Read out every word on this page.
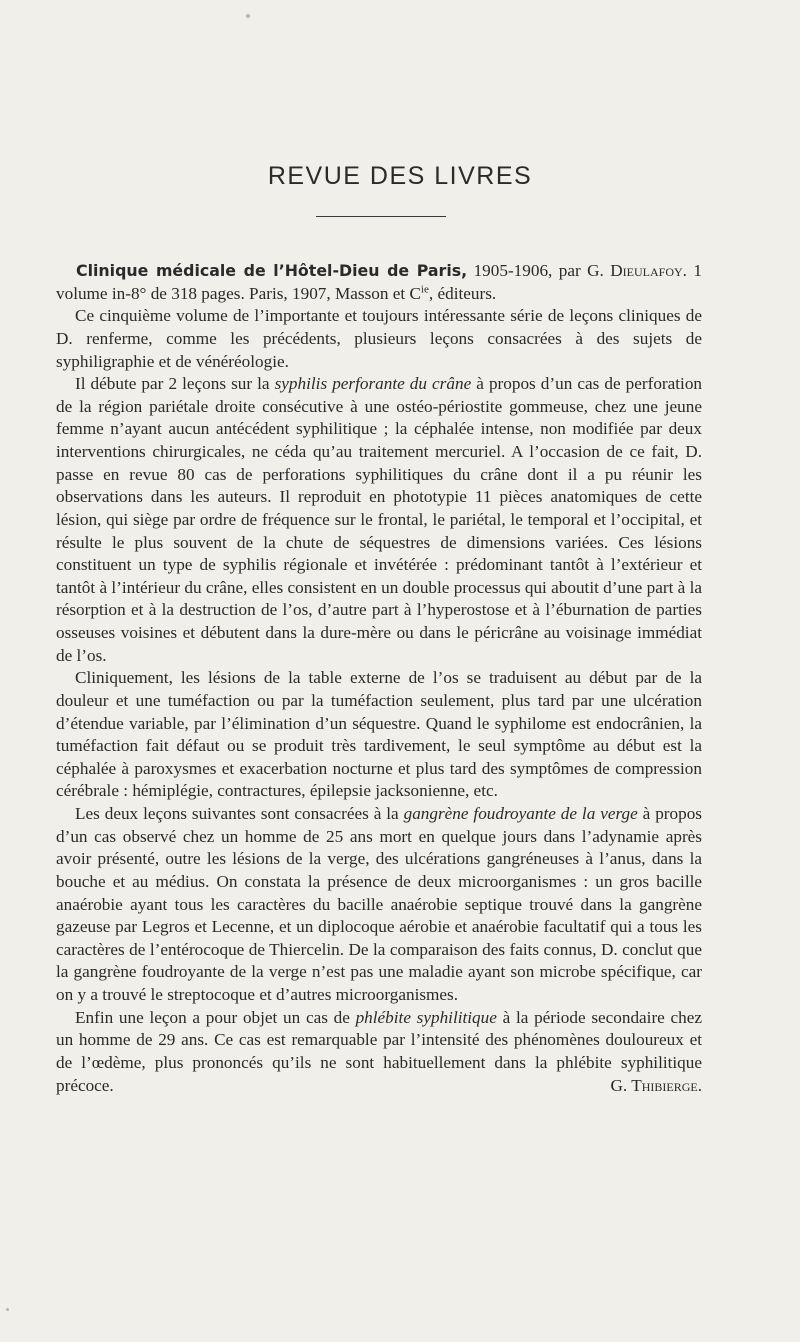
REVUE DES LIVRES

Clinique médicale de l’Hôtel-Dieu de Paris, 1905-1906, par G. Dieulafoy. 1 volume in-8° de 318 pages. Paris, 1907, Masson et $C^{ie}$, éditeurs.

Ce cinquième volume de l’importante et toujours intéressante série de leçons cliniques de D. renferme, comme les précédents, plusieurs leçons consacrées à des sujets de syphiligraphie et de vénéréologie.

Il débute par 2 leçons sur la syphilis perforante du crâne à propos d’un cas de perforation de la région pariétale droite consécutive à une ostéo-périostite gommeuse, chez une jeune femme n’ayant aucun antécédent syphilitique ; la céphalée intense, non modifiée par deux interventions chirurgicales, ne céda qu’au traitement mercuriel. A l’occasion de ce fait, D. passe en revue 80 cas de perforations syphilitiques du crâne dont il a pu réunir les observations dans les auteurs. Il reproduit en phototypie 11 pièces anatomiques de cette lésion, qui siège par ordre de fréquence sur le frontal, le pariétal, le temporal et l’occipital, et résulte le plus souvent de la chute de séquestres de dimensions variées. Ces lésions constituent un type de syphilis régionale et invétérée : prédominant tantôt à l’extérieur et tantôt à l’intérieur du crâne, elles consistent en un double processus qui aboutit d’une part à la résorption et à la destruction de l’os, d’autre part à l’hyperostose et à l’éburnation de parties osseuses voisines et débutent dans la dure-mère ou dans le péricrâne au voisinage immédiat de l’os.

Cliniquement, les lésions de la table externe de l’os se traduisent au début par de la douleur et une tuméfaction ou par la tuméfaction seulement, plus tard par une ulcération d’étendue variable, par l’élimination d’un séquestre. Quand le syphilome est endocrânien, la tuméfaction fait défaut ou se produit très tardivement, le seul symptôme au début est la céphalée à paroxysmes et exacerbation nocturne et plus tard des symptômes de compression cérébrale : hémiplégie, contractures, épilepsie jacksonienne, etc.

Les deux leçons suivantes sont consacrées à la gangrène foudroyante de la verge à propos d’un cas observé chez un homme de 25 ans mort en quelque jours dans l’adynamie après avoir présenté, outre les lésions de la verge, des ulcérations gangréneuses à l’anus, dans la bouche et au médius. On constata la présence de deux microorganismes : un gros bacille anaérobie ayant tous les caractères du bacille anaérobie septique trouvé dans la gangrène gazeuse par Legros et Lecenne, et un diplocoque aérobie et anaérobie facultatif qui a tous les caractères de l’entérocoque de Thiercelin. De la comparaison des faits connus, D. conclut que la gangrène foudroyante de la verge n’est pas une maladie ayant son microbe spécifique, car on y a trouvé le streptocoque et d’autres microorganismes.

Enfin une leçon a pour objet un cas de phlébite syphilitique à la période secondaire chez un homme de 29 ans. Ce cas est remarquable par l’intensité des phénomènes douloureux et de l’œdème, plus prononcés qu’ils ne sont habituellement dans la phlébite syphilitique précoce.	G. Thibierge.
